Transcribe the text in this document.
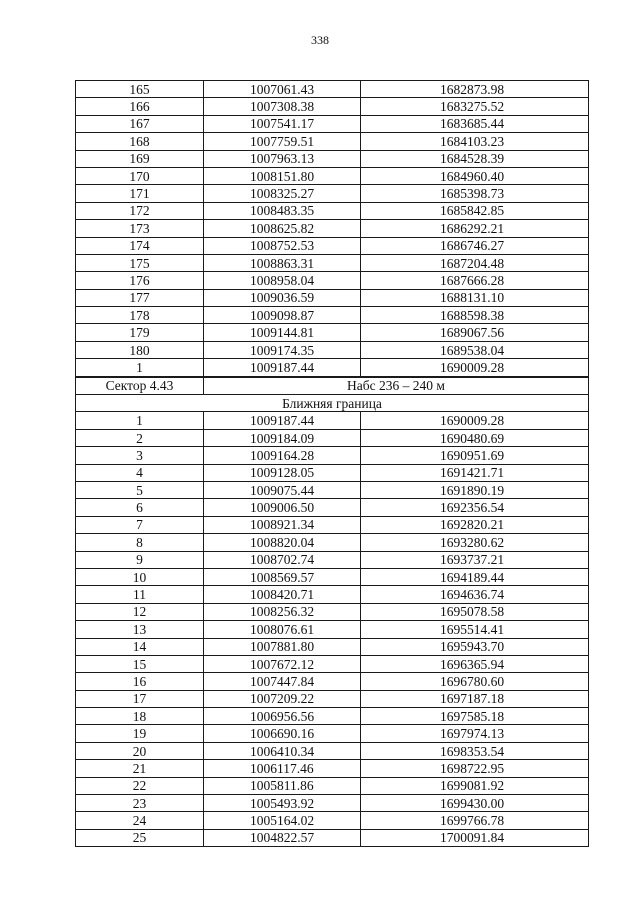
338
165	1007061.43	1682873.98
166	1007308.38	1683275.52
167	1007541.17	1683685.44
168	1007759.51	1684103.23
169	1007963.13	1684528.39
170	1008151.80	1684960.40
171	1008325.27	1685398.73
172	1008483.35	1685842.85
173	1008625.82	1686292.21
174	1008752.53	1686746.27
175	1008863.31	1687204.48
176	1008958.04	1687666.28
177	1009036.59	1688131.10
178	1009098.87	1688598.38
179	1009144.81	1689067.56
180	1009174.35	1689538.04
1	1009187.44	1690009.28
Сектор 4.43	Набс 236 – 240 м	
Ближняя граница		
1	1009187.44	1690009.28
2	1009184.09	1690480.69
3	1009164.28	1690951.69
4	1009128.05	1691421.71
5	1009075.44	1691890.19
6	1009006.50	1692356.54
7	1008921.34	1692820.21
8	1008820.04	1693280.62
9	1008702.74	1693737.21
10	1008569.57	1694189.44
11	1008420.71	1694636.74
12	1008256.32	1695078.58
13	1008076.61	1695514.41
14	1007881.80	1695943.70
15	1007672.12	1696365.94
16	1007447.84	1696780.60
17	1007209.22	1697187.18
18	1006956.56	1697585.18
19	1006690.16	1697974.13
20	1006410.34	1698353.54
21	1006117.46	1698722.95
22	1005811.86	1699081.92
23	1005493.92	1699430.00
24	1005164.02	1699766.78
25	1004822.57	1700091.84
